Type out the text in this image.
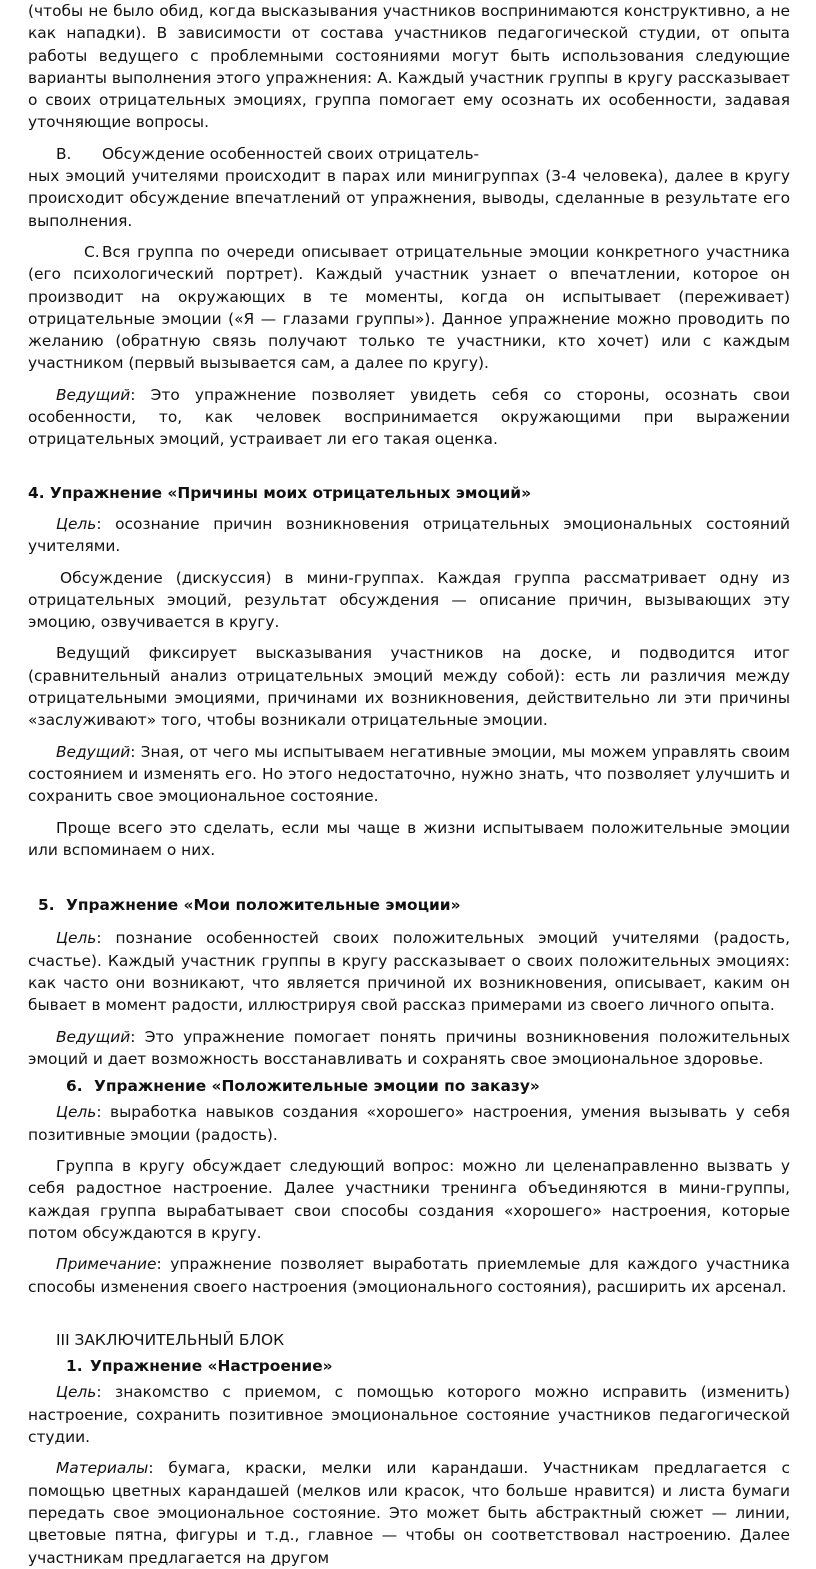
(чтобы не было обид, когда высказывания участников воспринимаются конструктивно, а не как нападки). В зависимости от состава участников педагогической студии, от опыта работы ведущего с проблемными состояниями могут быть использования следующие варианты выполнения этого упражнения: А. Каждый участник группы в кругу рассказывает о своих отрицательных эмоциях, группа помогает ему осознать их особенности, задавая уточняющие вопросы.

В. Обсуждение особенностей своих отрицатель-

ных эмоций учителями происходит в парах или минигруппах (3-4 человека), далее в кругу происходит обсуждение впечатлений от упражнения, выводы, сделанные в результате его выполнения.

С. Вся группа по очереди описывает отрицательные эмоции конкретного участника (его психологический портрет). Каждый участник узнает о впечатлении, которое он производит на окружающих в те моменты, когда он испытывает (переживает) отрицательные эмоции («Я — глазами группы»). Данное упражнение можно проводить по желанию (обратную связь получают только те участники, кто хочет) или с каждым участником (первый вызывается сам, а далее по кругу).

Ведущий: Это упражнение позволяет увидеть себя со стороны, осознать свои особенности, то, как человек воспринимается окружающими при выражении отрицательных эмоций, устраивает ли его такая оценка.

4. Упражнение «Причины моих отрицательных эмоций»

Цель: осознание причин возникновения отрицательных эмоциональных состояний учителями.

Обсуждение (дискуссия) в мини-группах. Каждая группа рассматривает одну из отрицательных эмоций, результат обсуждения — описание причин, вызывающих эту эмоцию, озвучивается в кругу.

Ведущий фиксирует высказывания участников на доске, и подводится итог (сравнительный анализ отрицательных эмоций между собой): есть ли различия между отрицательными эмоциями, причинами их возникновения, действительно ли эти причины «заслуживают» того, чтобы возникали отрицательные эмоции.

Ведущий: Зная, от чего мы испытываем негативные эмоции, мы можем управлять своим состоянием и изменять его. Но этого недостаточно, нужно знать, что позволяет улучшить и сохранить свое эмоциональное состояние.

Проще всего это сделать, если мы чаще в жизни испытываем положительные эмоции или вспоминаем о них.

5. Упражнение «Мои положительные эмоции»

Цель: познание особенностей своих положительных эмоций учителями (радость, счастье). Каждый участник группы в кругу рассказывает о своих положительных эмоциях: как часто они возникают, что является причиной их возникновения, описывает, каким он бывает в момент радости, иллюстрируя свой рассказ примерами из своего личного опыта.

Ведущий: Это упражнение помогает понять причины возникновения положительных эмоций и дает возможность восстанавливать и сохранять свое эмоциональное здоровье.

6. Упражнение «Положительные эмоции по заказу»

Цель: выработка навыков создания «хорошего» настроения, умения вызывать у себя позитивные эмоции (радость).

Группа в кругу обсуждает следующий вопрос: можно ли целенаправленно вызвать у себя радостное настроение. Далее участники тренинга объединяются в мини-группы, каждая группа вырабатывает свои способы создания «хорошего» настроения, которые потом обсуждаются в кругу.

Примечание: упражнение позволяет выработать приемлемые для каждого участника способы изменения своего настроения (эмоционального состояния), расширить их арсенал.

III ЗАКЛЮЧИТЕЛЬНЫЙ БЛОК

1. Упражнение «Настроение»

Цель: знакомство с приемом, с помощью которого можно исправить (изменить) настроение, сохранить позитивное эмоциональное состояние участников педагогической студии.

Материалы: бумага, краски, мелки или карандаши. Участникам предлагается с помощью цветных карандашей (мелков или красок, что больше нравится) и листа бумаги передать свое эмоциональное состояние. Это может быть абстрактный сюжет — линии, цветовые пятна, фигуры и т.д., главное — чтобы он соответствовал настроению. Далее участникам предлагается на другом
